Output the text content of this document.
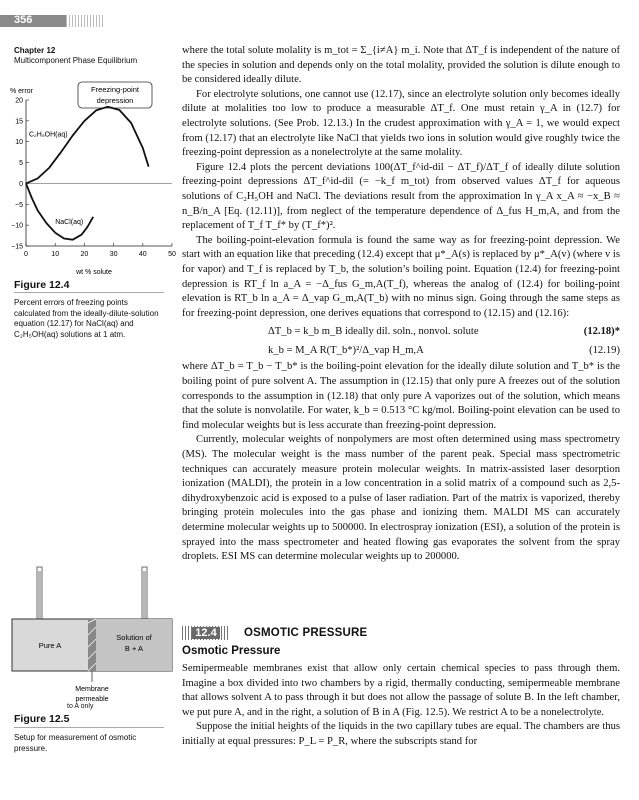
356
Chapter 12
Multicomponent Phase Equilibrium
% error	Freezing-point
depression
20
15
10
5
0
−5
−10
−15
0	10	20	30	40	50
C₂H₅OH(aq)
NaCl(aq)
wt % solute
Figure 12.4
Percent errors of freezing points calculated from the ideally-dilute-solution equation (12.17) for NaCl(aq) and C₂H₅OH(aq) solutions at 1 atm.
Pure A
Solution of
B + A
Membrane
permeable
to A only
Figure 12.5
Setup for measurement of osmotic pressure.

where the total solute molality is m_tot = Σ_{i≠A} m_i. Note that ΔT_f is independent of the nature of the species in solution and depends only on the total molality, provided the solution is dilute enough to be considered ideally dilute.

For electrolyte solutions, one cannot use (12.17), since an electrolyte solution only becomes ideally dilute at molalities too low to produce a measurable ΔT_f. One must retain γ_A in (12.7) for electrolyte solutions. (See Prob. 12.13.) In the crudest approximation with γ_A = 1, we would expect from (12.17) that an electrolyte like NaCl that yields two ions in solution would give roughly twice the freezing-point depression as a nonelectrolyte at the same molality.

Figure 12.4 plots the percent deviations 100(ΔT_f^id-dil − ΔT_f)/ΔT_f of ideally dilute solution freezing-point depressions ΔT_f^id-dil (= −k_f m_tot) from observed values ΔT_f for aqueous solutions of C₂H₅OH and NaCl. The deviations result from the approximation ln γ_A x_A ≈ −x_B ≈ n_B/n_A [Eq. (12.11)], from neglect of the temperature dependence of Δ_fus H_m,A, and from the replacement of T_f T_f* by (T_f*)².

The boiling-point-elevation formula is found the same way as for freezing-point depression. We start with an equation like that preceding (12.4) except that μ*_A(s) is replaced by μ*_A(v) (where v is for vapor) and T_f is replaced by T_b, the solution’s boiling point. Equation (12.4) for freezing-point depression is RT_f ln a_A = −Δ_fus G_m,A(T_f), whereas the analog of (12.4) for boiling-point elevation is RT_b ln a_A = Δ_vap G_m,A(T_b) with no minus sign. Going through the same steps as for freezing-point depression, one derives equations that correspond to (12.15) and (12.16):

ΔT_b = k_b m_B ideally dil. soln., nonvol. solute	(12.18)*
k_b = M_A R(T_b*)²/Δ_vap H_m,A	(12.19)

where ΔT_b = T_b − T_b* is the boiling-point elevation for the ideally dilute solution and T_b* is the boiling point of pure solvent A. The assumption in (12.15) that only pure A freezes out of the solution corresponds to the assumption in (12.18) that only pure A vaporizes out of the solution, which means that the solute is nonvolatile. For water, k_b = 0.513 °C kg/mol. Boiling-point elevation can be used to find molecular weights but is less accurate than freezing-point depression.

Currently, molecular weights of nonpolymers are most often determined using mass spectrometry (MS). The molecular weight is the mass number of the parent peak. Special mass spectrometric techniques can accurately measure protein molecular weights. In matrix-assisted laser desorption ionization (MALDI), the protein in a low concentration in a solid matrix of a compound such as 2,5-dihydroxybenzoic acid is exposed to a pulse of laser radiation. Part of the matrix is vaporized, thereby bringing protein molecules into the gas phase and ionizing them. MALDI MS can accurately determine molecular weights up to 500000. In electrospray ionization (ESI), a solution of the protein is sprayed into the mass spectrometer and heated flowing gas evaporates the solvent from the spray droplets. ESI MS can determine molecular weights up to 200000.

12.4	OSMOTIC PRESSURE
Osmotic Pressure

Semipermeable membranes exist that allow only certain chemical species to pass through them. Imagine a box divided into two chambers by a rigid, thermally conducting, semipermeable membrane that allows solvent A to pass through it but does not allow the passage of solute B. In the left chamber, we put pure A, and in the right, a solution of B in A (Fig. 12.5). We restrict A to be a nonelectrolyte.

Suppose the initial heights of the liquids in the two capillary tubes are equal. The chambers are thus initially at equal pressures: P_L = P_R, where the subscripts stand for
